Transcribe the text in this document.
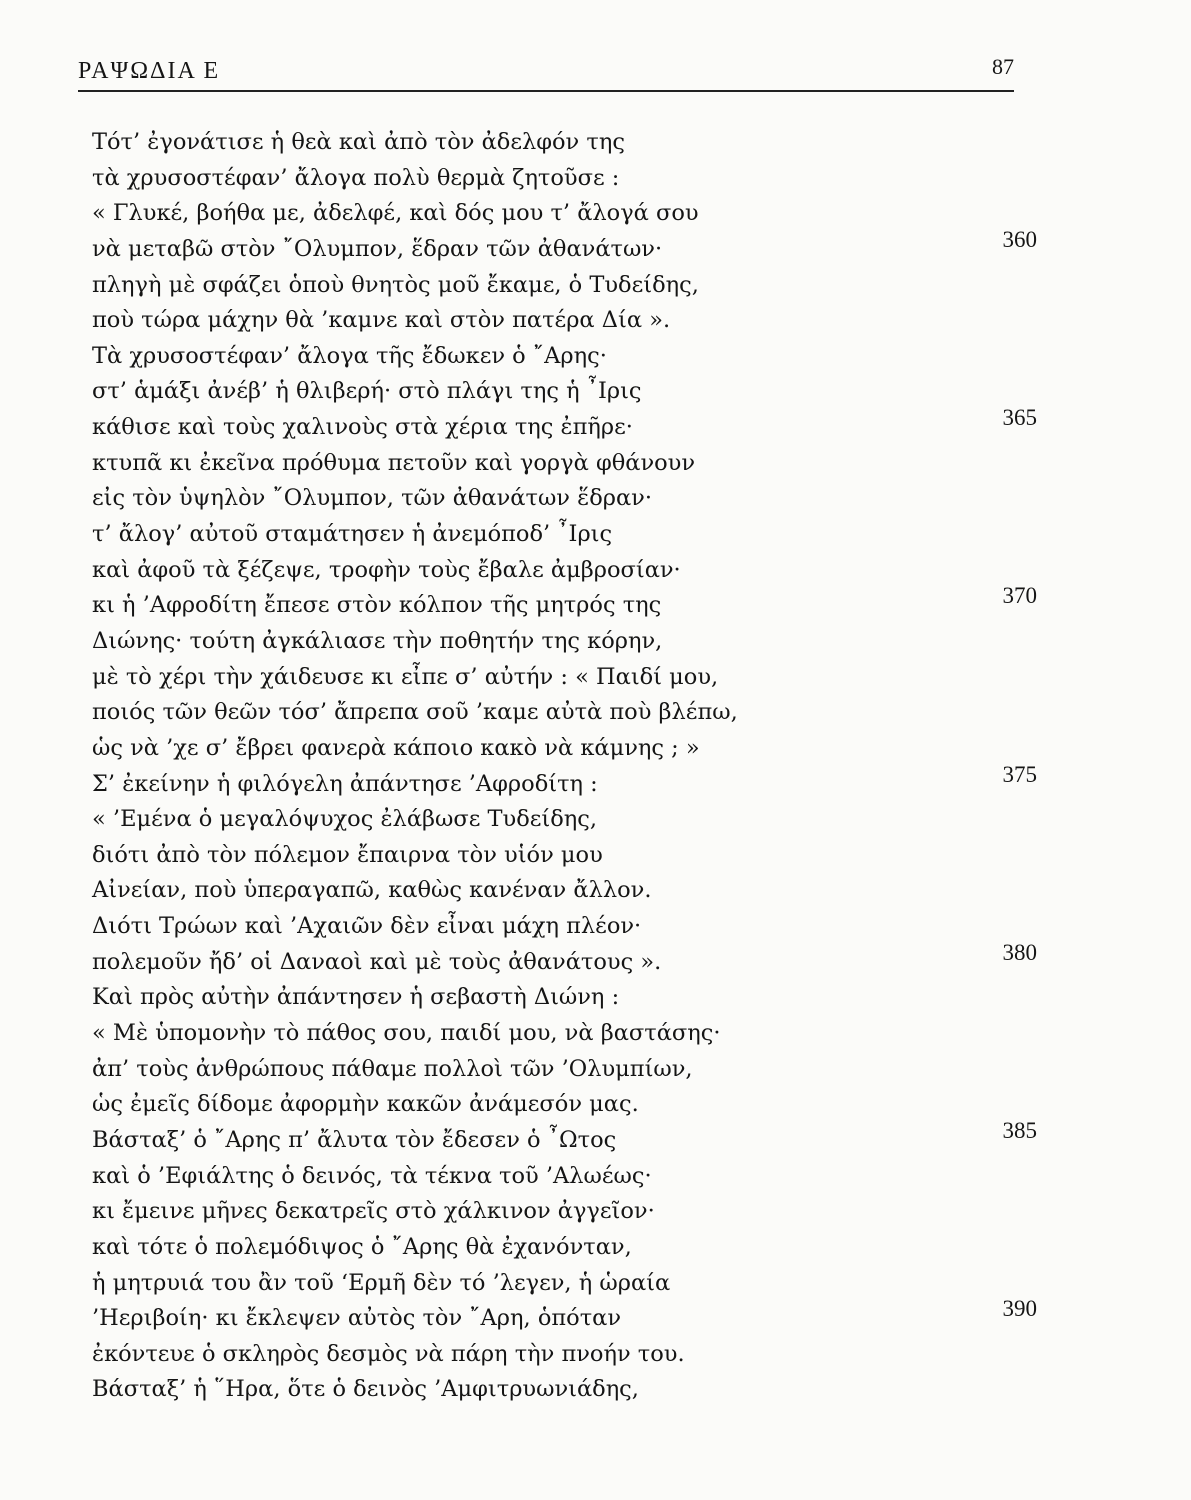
ΡΑΨΩΔΙΑ Ε	87
Τότ’ ἐγονάτισε ἡ θεὰ καὶ ἀπὸ τὸν ἀδελφόν της
τὰ χρυσοστέφαν’ ἄλογα πολὺ θερμὰ ζητοῦσε :
« Γλυκέ, βοήθα με, ἀδελφέ, καὶ δός μου τ’ ἄλογά σου
νὰ μεταβῶ στὸν ῎Ολυμπον, ἕδραν τῶν ἀθανάτων·	360
πληγὴ μὲ σφάζει ὁποὺ θνητὸς μοῦ ἔκαμε, ὁ Τυδείδης,
ποὺ τώρα μάχην θὰ ’καμνε καὶ στὸν πατέρα Δία ».
Τὰ χρυσοστέφαν’ ἄλογα τῆς ἔδωκεν ὁ ῎Αρης·
στ’ ἁμάξι ἀνέβ’ ἡ θλιβερή· στὸ πλάγι της ἡ ῏Ιρις
κάθισε καὶ τοὺς χαλινοὺς στὰ χέρια της ἐπῆρε·	365
κτυπᾶ κι ἐκεῖνα πρόθυμα πετοῦν καὶ γοργὰ φθάνουν
εἰς τὸν ὑψηλὸν ῎Ολυμπον, τῶν ἀθανάτων ἕδραν·
τ’ ἄλογ’ αὐτοῦ σταμάτησεν ἡ ἀνεμόποδ’ ῏Ιρις
καὶ ἀφοῦ τὰ ξέζεψε, τροφὴν τοὺς ἔβαλε ἀμβροσίαν·
κι ἡ ’Αφροδίτη ἔπεσε στὸν κόλπον τῆς μητρός της	370
Διώνης· τούτη ἀγκάλιασε τὴν ποθητήν της κόρην,
μὲ τὸ χέρι τὴν χάιδευσε κι εἶπε σ’ αὐτήν : « Παιδί μου,
ποιός τῶν θεῶν τόσ’ ἄπρεπα σοῦ ’καμε αὐτὰ ποὺ βλέπω,
ὡς νὰ ’χε σ’ ἔβρει φανερὰ κάποιο κακὸ νὰ κάμνης ; »
Σ’ ἐκείνην ἡ φιλόγελη ἀπάντησε ’Αφροδίτη :	375
« ’Εμένα ὁ μεγαλόψυχος ἐλάβωσε Τυδείδης,
διότι ἀπὸ τὸν πόλεμον ἔπαιρνα τὸν υἱόν μου
Αἰνείαν, ποὺ ὑπεραγαπῶ, καθὼς κανέναν ἄλλον.
Διότι Τρώων καὶ ’Αχαιῶν δὲν εἶναι μάχη πλέον·
πολεμοῦν ἤδ’ οἱ Δαναοὶ καὶ μὲ τοὺς ἀθανάτους ».	380
Καὶ πρὸς αὐτὴν ἀπάντησεν ἡ σεβαστὴ Διώνη :
« Μὲ ὑπομονὴν τὸ πάθος σου, παιδί μου, νὰ βαστάσης·
ἀπ’ τοὺς ἀνθρώπους πάθαμε πολλοὶ τῶν ’Ολυμπίων,
ὡς ἐμεῖς δίδομε ἀφορμὴν κακῶν ἀνάμεσόν μας.
Βάσταξ’ ὁ ῎Αρης π’ ἄλυτα τὸν ἔδεσεν ὁ ῏Ωτος	385
καὶ ὁ ’Εφιάλτης ὁ δεινός, τὰ τέκνα τοῦ ’Αλωέως·
κι ἔμεινε μῆνες δεκατρεῖς στὸ χάλκινον ἀγγεῖον·
καὶ τότε ὁ πολεμόδιψος ὁ ῎Αρης θὰ ἐχανόνταν,
ἡ μητρυιά του ἂν τοῦ ‘Ερμῆ δὲν τό ’λεγεν, ἡ ὡραία
’Ηεριβοίη· κι ἔκλεψεν αὐτὸς τὸν ῎Αρη, ὁπόταν	390
ἐκόντευε ὁ σκληρὸς δεσμὸς νὰ πάρη τὴν πνοήν του.
Βάσταξ’ ἡ ῞Ηρα, ὅτε ὁ δεινὸς ’Αμφιτρυωνιάδης,
